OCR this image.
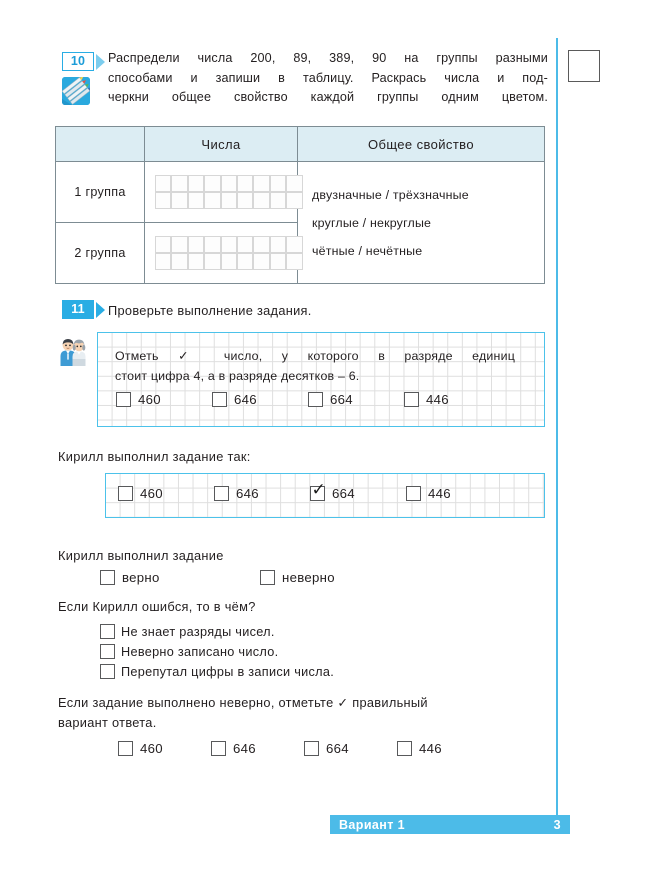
10	Распредели числа 200, 89, 389, 90 на группы разными
способами и запиши в таблицу. Раскрась числа и под-
черкни общее свойство каждой группы одним цветом.
	Числа	Общее свойство
1 группа		двузначные / трёхзначные
круглые / некруглые
чётные / нечётные

2 группа		
11	Проверьте выполнение задания.
Отметь ✓ число, у которого в разряде единиц
стоит цифра 4, а в разряде десятков – 6.
460	646	664	446
Кирилл выполнил задание так:
460	646 ✓	664	446
Кирилл выполнил задание
верно	неверно
Если Кирилл ошибся, то в чём?
Не знает разряды чисел.
Неверно записано число.
Перепутал цифры в записи числа.
Если задание выполнено неверно, отметьте ✓ правильный
вариант ответа.
460	646	664	446
Вариант 1	3
